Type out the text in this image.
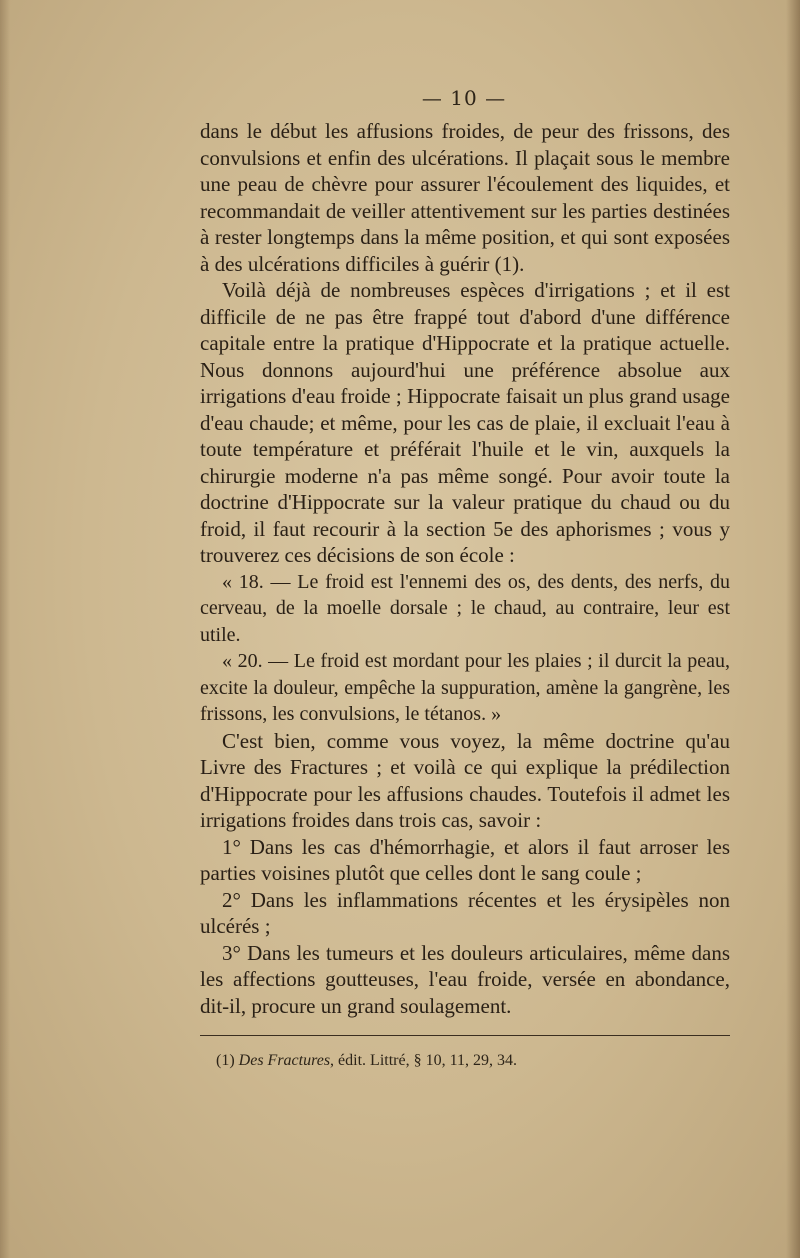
— 10 —

dans le début les affusions froides, de peur des frissons, des convulsions et enfin des ulcérations. Il plaçait sous le membre une peau de chèvre pour assurer l'écoulement des liquides, et recommandait de veiller attentivement sur les parties destinées à rester longtemps dans la même position, et qui sont exposées à des ulcérations difficiles à guérir (1).

Voilà déjà de nombreuses espèces d'irrigations ; et il est difficile de ne pas être frappé tout d'abord d'une différence capitale entre la pratique d'Hippocrate et la pratique actuelle. Nous donnons aujourd'hui une préférence absolue aux irrigations d'eau froide ; Hippocrate faisait un plus grand usage d'eau chaude; et même, pour les cas de plaie, il excluait l'eau à toute température et préférait l'huile et le vin, auxquels la chirurgie moderne n'a pas même songé. Pour avoir toute la doctrine d'Hippocrate sur la valeur pratique du chaud ou du froid, il faut recourir à la section 5e des aphorismes ; vous y trouverez ces décisions de son école :

« 18. — Le froid est l'ennemi des os, des dents, des nerfs, du cerveau, de la moelle dorsale ; le chaud, au contraire, leur est utile.

« 20. — Le froid est mordant pour les plaies ; il durcit la peau, excite la douleur, empêche la suppuration, amène la gangrène, les frissons, les convulsions, le tétanos. »

C'est bien, comme vous voyez, la même doctrine qu'au Livre des Fractures ; et voilà ce qui explique la prédilection d'Hippocrate pour les affusions chaudes. Toutefois il admet les irrigations froides dans trois cas, savoir :

1° Dans les cas d'hémorrhagie, et alors il faut arroser les parties voisines plutôt que celles dont le sang coule ;

2° Dans les inflammations récentes et les érysipèles non ulcérés ;

3° Dans les tumeurs et les douleurs articulaires, même dans les affections goutteuses, l'eau froide, versée en abondance, dit-il, procure un grand soulagement.

(1) Des Fractures, édit. Littré, § 10, 11, 29, 34.
